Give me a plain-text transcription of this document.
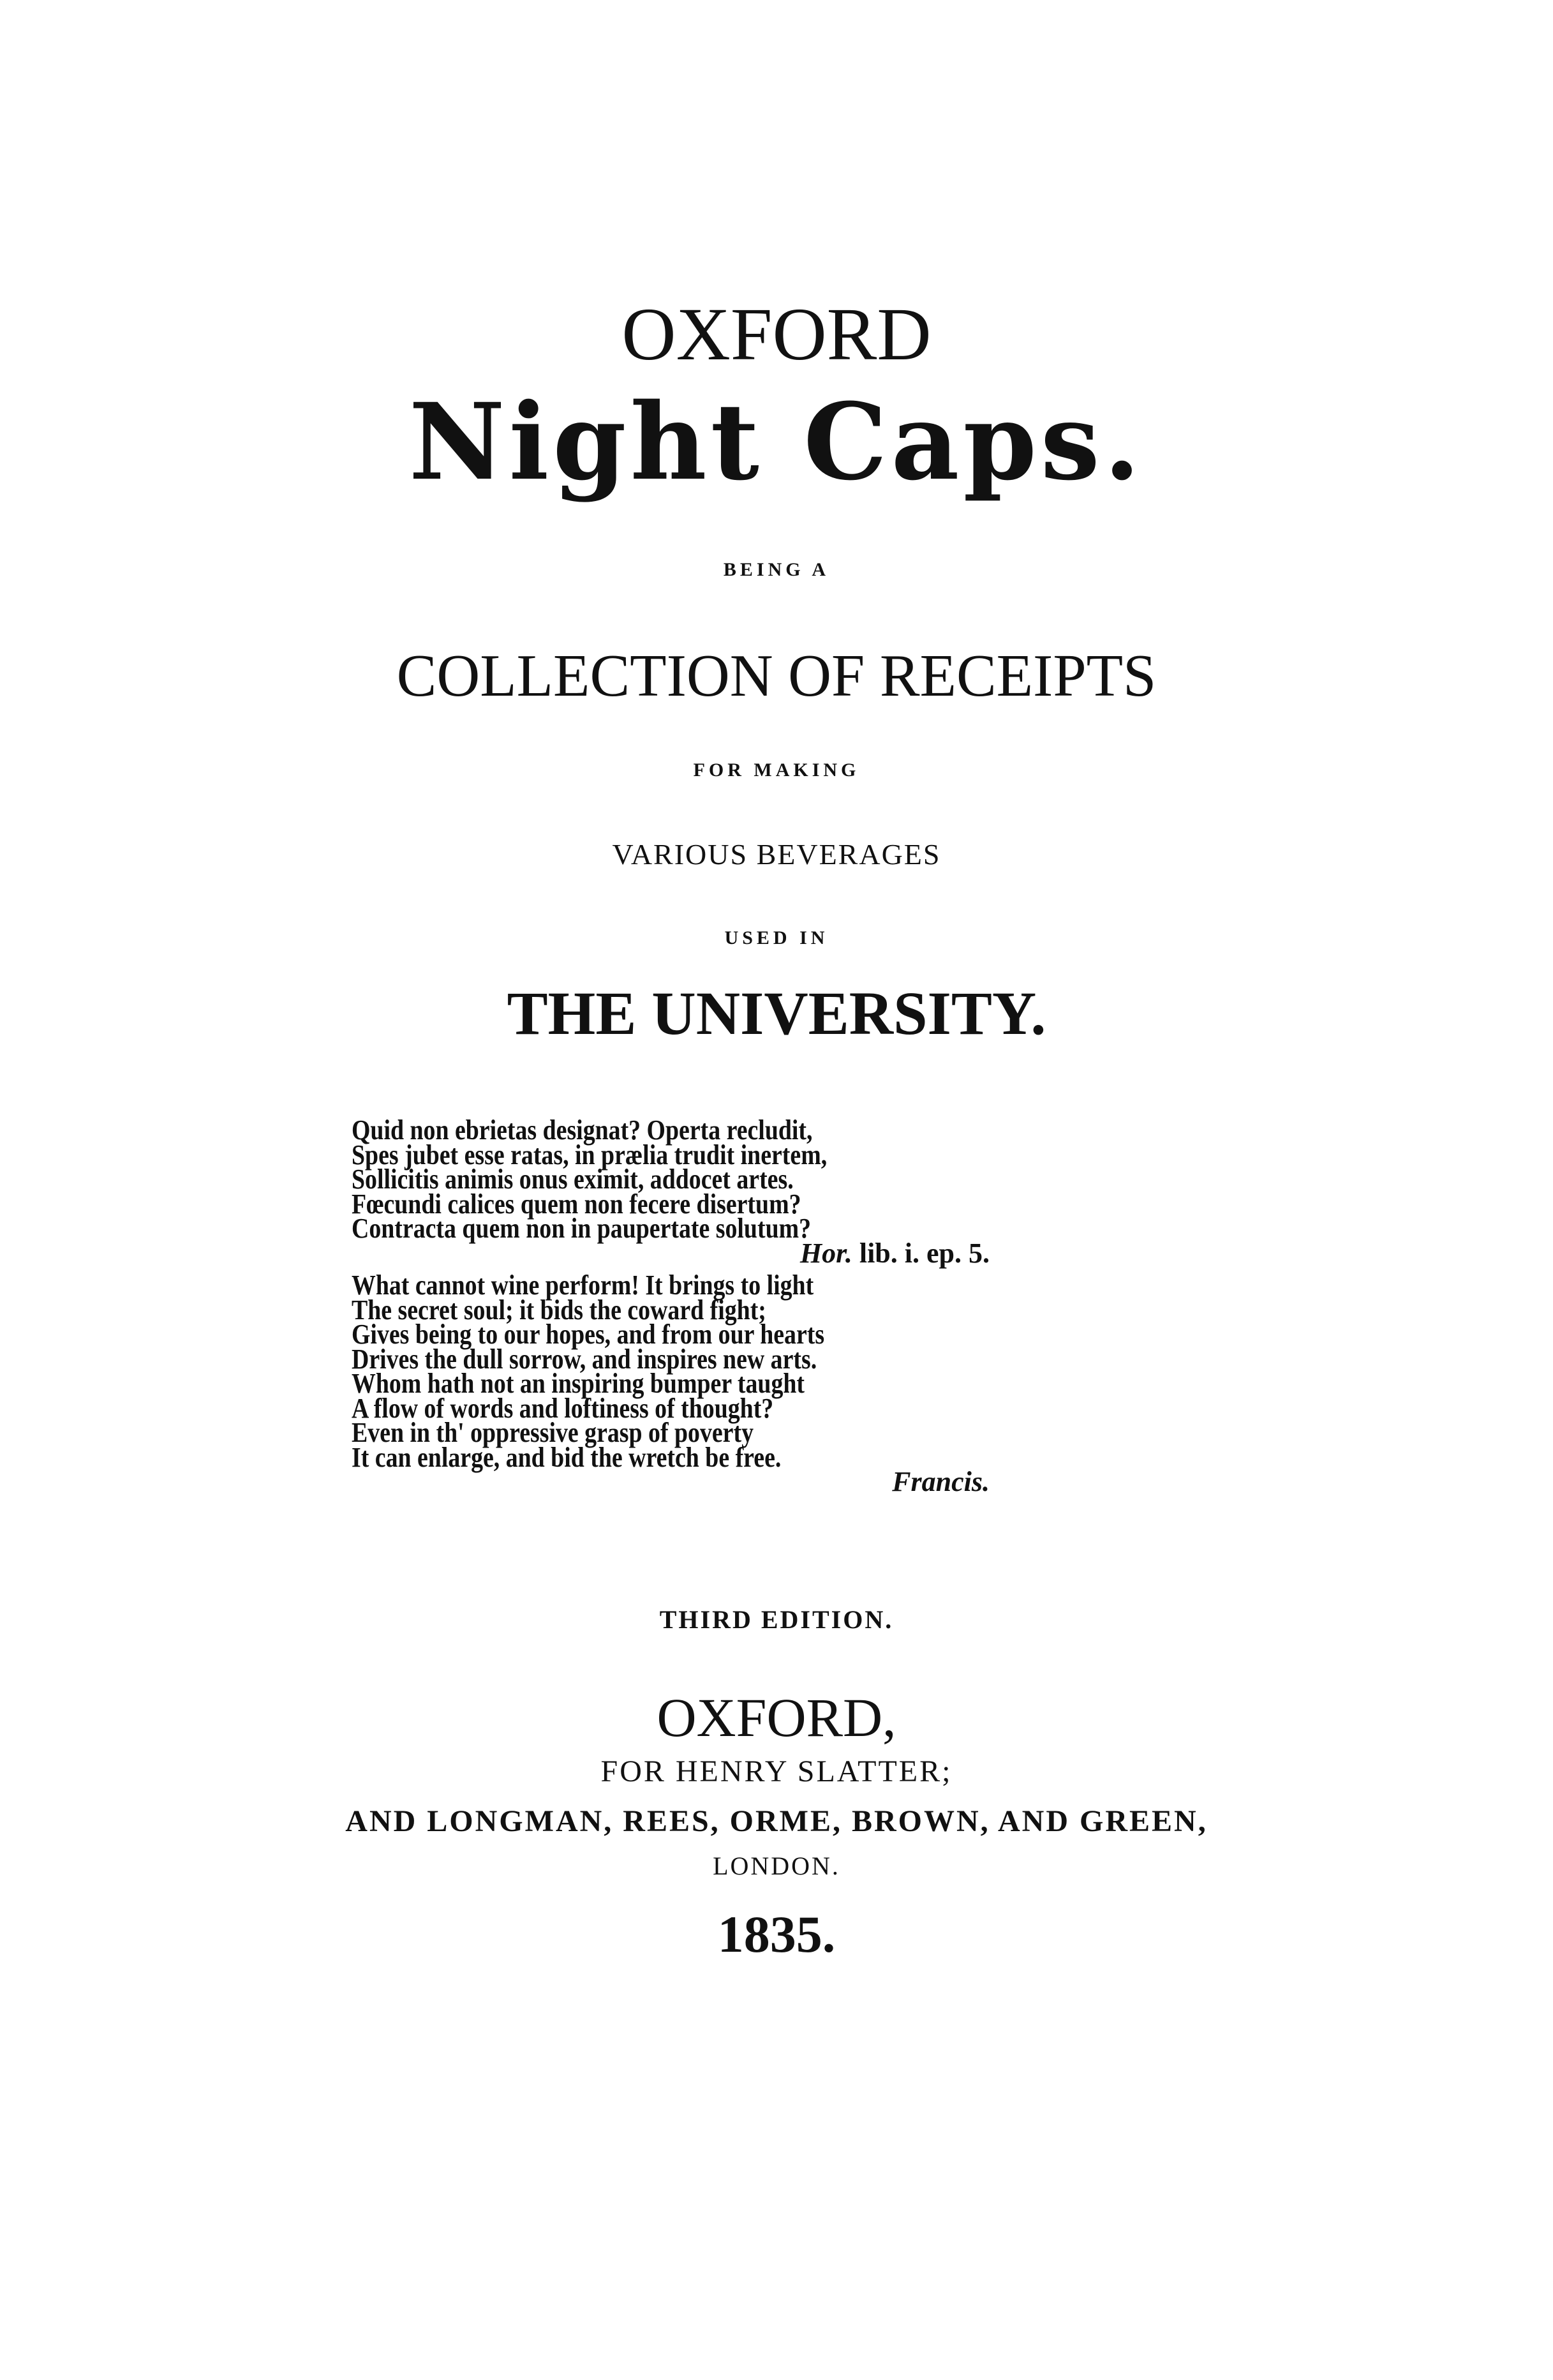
OXFORD
Night Caps.
BEING A
COLLECTION OF RECEIPTS
FOR MAKING
VARIOUS BEVERAGES
USED IN
THE UNIVERSITY.
Quid non ebrietas designat? Operta recludit,
Spes jubet esse ratas, in prælia trudit inertem,
Sollicitis animis onus eximit, addocet artes.
Fœcundi calices quem non fecere disertum?
Contracta quem non in paupertate solutum?
Hor. lib. i. ep. 5.
What cannot wine perform! It brings to light
The secret soul; it bids the coward fight;
Gives being to our hopes, and from our hearts
Drives the dull sorrow, and inspires new arts.
Whom hath not an inspiring bumper taught
A flow of words and loftiness of thought?
Even in th' oppressive grasp of poverty
It can enlarge, and bid the wretch be free.
Francis.
THIRD EDITION.
OXFORD,
FOR HENRY SLATTER;
AND LONGMAN, REES, ORME, BROWN, AND GREEN,
LONDON.
1835.
